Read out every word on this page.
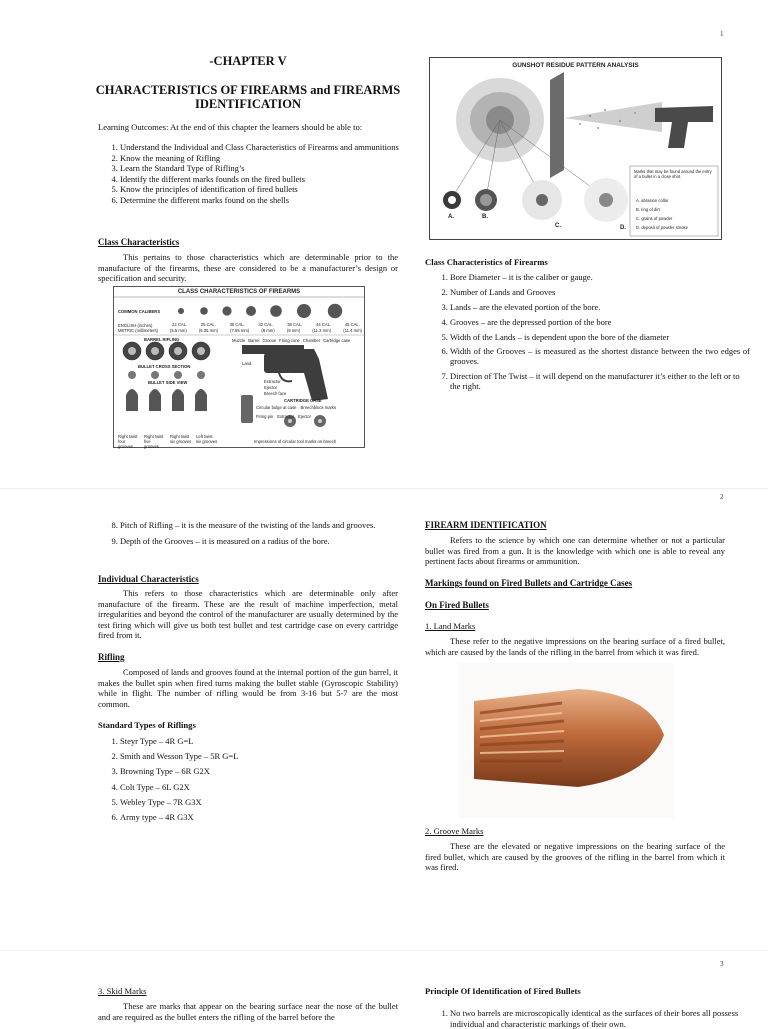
1
-CHAPTER V
CHARACTERISTICS OF FIREARMS and FIREARMS IDENTIFICATION
Learning Outcomes: At the end of this chapter the learners should be able to:
1. Understand the Individual and Class Characteristics of Firearms and ammunitions
2. Know the meaning of Rifling
3. Learn the Standard Type of Rifling’s
4. Identify the different marks founds on the fired bullets
5. Know the principles of identification of fired bullets
6. Determine the different marks found on the shells
Class Characteristics
This pertains to those characteristics which are determinable prior to the manufacture of the firearms, these are considered to be a manufacturer’s design or specification and security.
CLASS CHARACTERISTICS OF FIREARMS
COMMON CALIBERS
ENGLISH (inches)
METRIC (millimeters)
22 CAL.	25 CAL.	30 CAL.	32 CAL.	38 CAL.	44 CAL.	45 CAL.
(5.5 mm)	(6.35 mm)	(7.65 mm)	(8 mm)	(9 mm)	(11.3 mm)	(11.4 mm)
BARREL RIFLING
BULLET CROSS SECTION
BULLET SIDE VIEW
Right twist four grooves
Right twist five grooves
Right twist six grooves
Left twist six grooves
Muzzle Barrel Groove Firing cone Chamber Cartridge case
Land
Extractor
Ejector
Breech face
CARTRIDGE CASE
Circular bulge at case Breechblock marks
Firing pin Extractor Ejector
Impressions of circular tool marks on breech
GUNSHOT RESIDUE PATTERN ANALYSIS
Marks that may be found around the entry of a bullet in a close shot.
A. abrasion collar
B. ring of dirt
C. grains of powder
D. deposit of powder smoke
A.	B.
C.	D.
Class Characteristics of Firearms
1. Bore Diameter – it is the caliber or gauge.
2. Number of Lands and Grooves
3. Lands – are the elevated portion of the bore.
4. Grooves – are the depressed portion of the bore
5. Width of the Lands – is dependent upon the bore of the diameter
6. Width of the Grooves – is measured as the shortest distance between the two edges of grooves.
7. Direction of The Twist – it will depend on the manufacturer it’s either to the left or to the right.
2
8. Pitch of Rifling – it is the measure of the twisting of the lands and grooves.
9. Depth of the Grooves – it is measured on a radius of the bore.
Individual Characteristics
This refers to those characteristics which are determinable only after manufacture of the firearm. These are the result of machine imperfection, metal irregularities and beyond the control of the manufacturer are usually determined by the test firing which will give us both test bullet and test cartridge case on every cartridge fired from it.
Rifling
Composed of lands and grooves found at the internal portion of the gun barrel, it makes the bullet spin when fired turns making the bullet stable (Gyroscopic Stability) while in flight. The number of rifling would be from 3-16 but 5-7 are the most common.
Standard Types of Riflings
1. Steyr Type – 4R G=L
2. Smith and Wesson Type – 5R G=L
3. Browning Type – 6R G2X
4. Colt Type – 6L G2X
5. Webley Type – 7R G3X
6. Army type – 4R G3X
FIREARM IDENTIFICATION
Refers to the science by which one can determine whether or not a particular bullet was fired from a gun. It is the knowledge with which one is able to reveal any pertinent facts about firearms or ammunition.
Markings found on Fired Bullets and Cartridge Cases
On Fired Bullets
1. Land Marks
These refer to the negative impressions on the bearing surface of a fired bullet, which are caused by the lands of the rifling in the barrel from which it was fired.
2. Groove Marks
These are the elevated or negative impressions on the bearing surface of the fired bullet, which are caused by the grooves of the rifling in the barrel from which it was fired.
3
3. Skid Marks
These are marks that appear on the bearing surface near the nose of the bullet and are required as the bullet enters the rifling of the barrel before the
Principle Of Identification of Fired Bullets
1. No two barrels are microscopically identical as the surfaces of their bores all possess individual and characteristic markings of their own.
